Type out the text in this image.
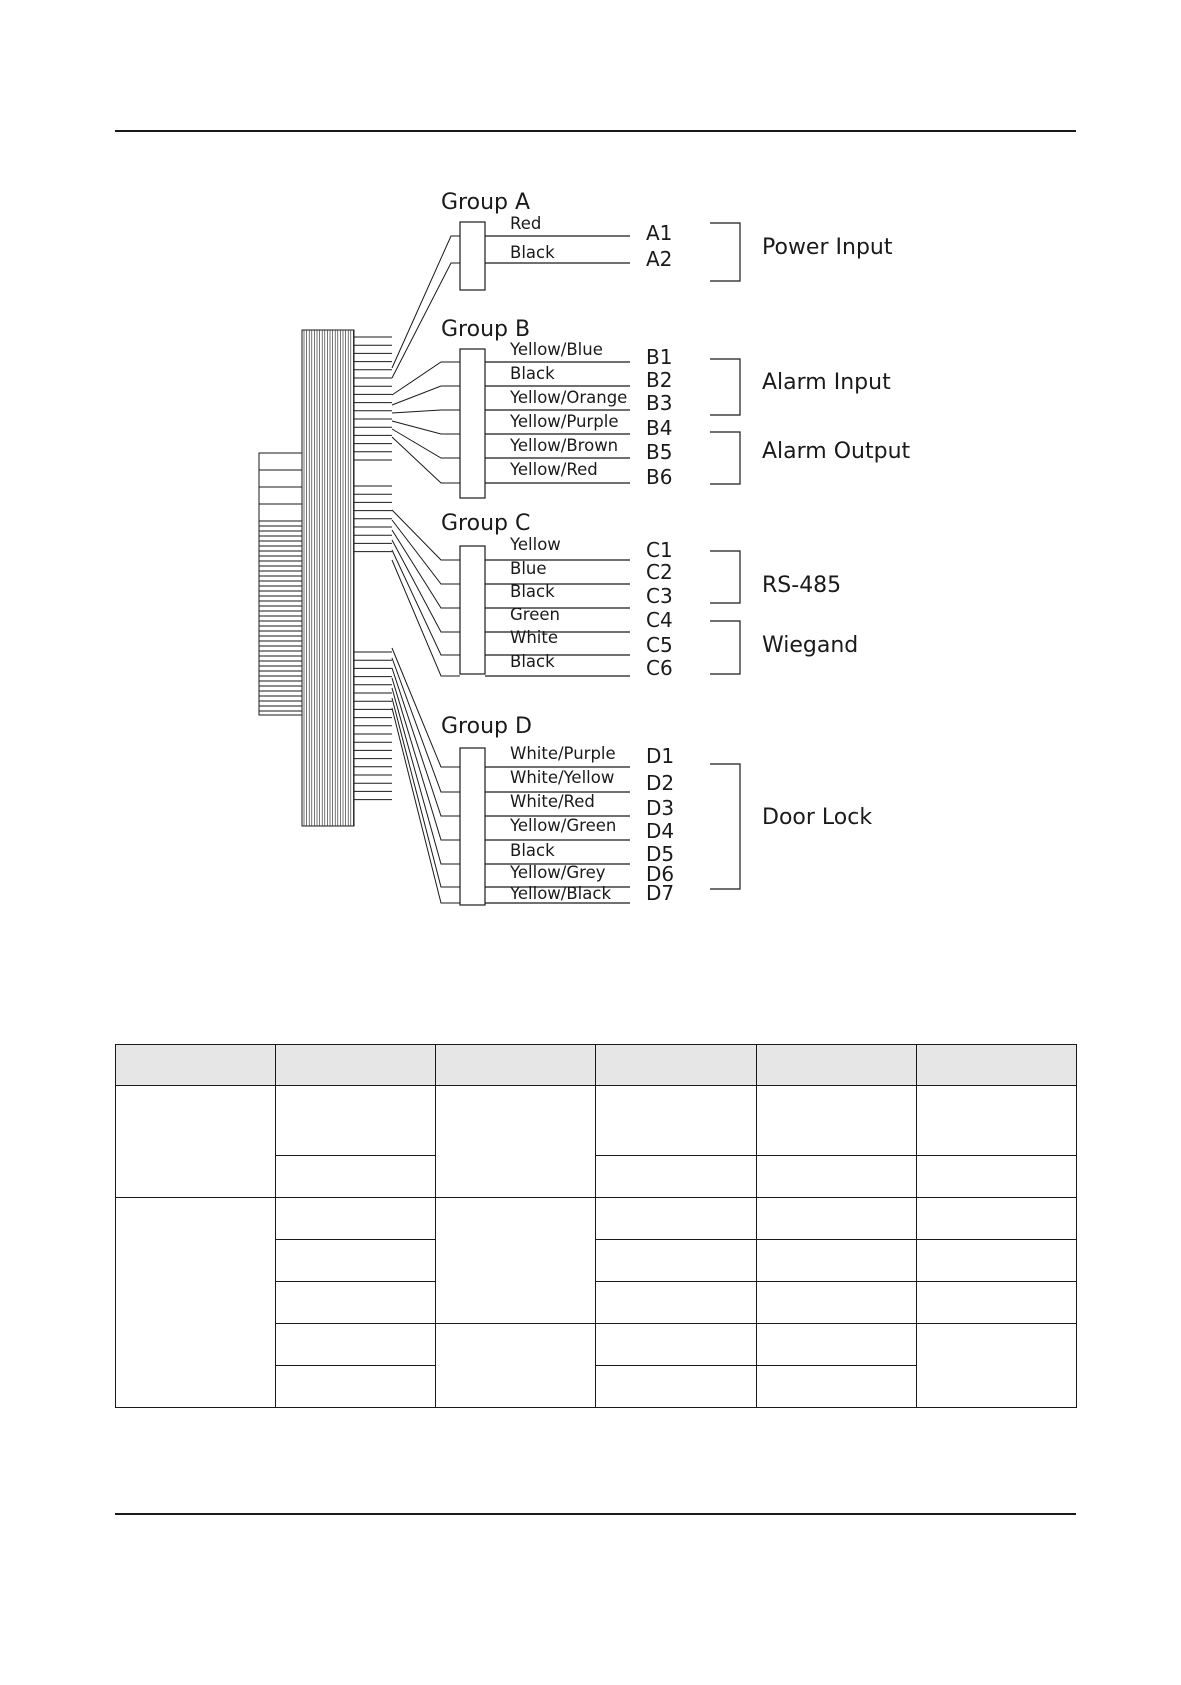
Group A
Red	A1
Black	A2
Group B
Yellow/Blue B1
Black	B2
Yellow/Orange B3
Yellow/Purple B4
Yellow/Brown B5
Yellow/Red B6
Group C
Yellow	C1
Blue	C2
Black	C3
Green	C4
White	C5
Black	C6
Group D
White/Purple D1
White/Yellow D2
White/Red	D3
Yellow/Green D4
Black	D5
Yellow/Grey D6
Yellow/Black D7
Power Input
Alarm Input
Alarm Output
RS-485
Wiegand
Door Lock
